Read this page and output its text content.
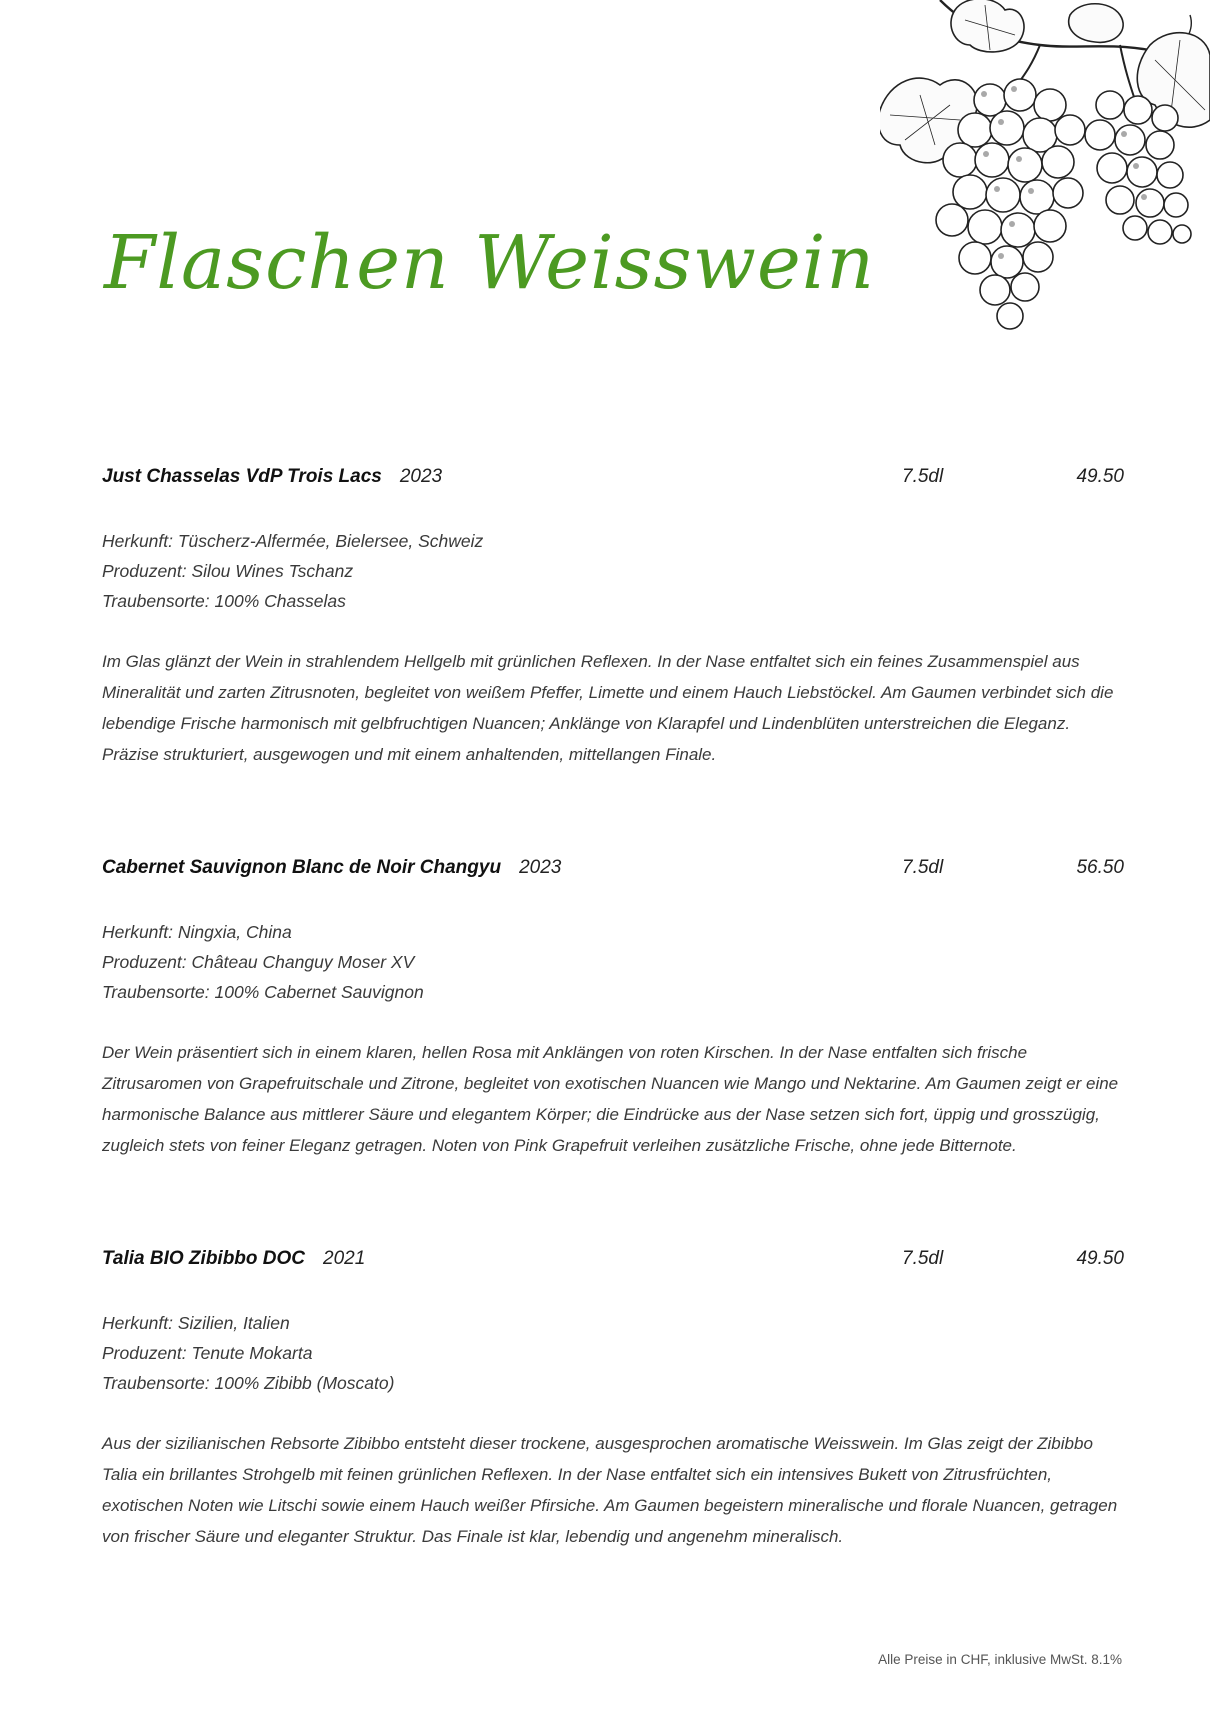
Flaschen Weisswein
Just Chasselas VdP Trois Lacs 2023	7.5dl	49.50
Herkunft: Tüscherz-Alfermée, Bielersee, Schweiz
Produzent: Silou Wines Tschanz
Traubensorte: 100% Chasselas
Im Glas glänzt der Wein in strahlendem Hellgelb mit grünlichen Reflexen. In der Nase entfaltet sich ein feines Zusammenspiel aus Mineralität und zarten Zitrusnoten, begleitet von weißem Pfeffer, Limette und einem Hauch Liebstöckel. Am Gaumen verbindet sich die lebendige Frische harmonisch mit gelbfruchtigen Nuancen; Anklänge von Klarapfel und Lindenblüten unterstreichen die Eleganz. Präzise strukturiert, ausgewogen und mit einem anhaltenden, mittellangen Finale.
Cabernet Sauvignon Blanc de Noir Changyu 2023	7.5dl	56.50
Herkunft: Ningxia, China
Produzent: Château Changuy Moser XV
Traubensorte: 100% Cabernet Sauvignon
Der Wein präsentiert sich in einem klaren, hellen Rosa mit Anklängen von roten Kirschen. In der Nase entfalten sich frische Zitrusaromen von Grapefruitschale und Zitrone, begleitet von exotischen Nuancen wie Mango und Nektarine. Am Gaumen zeigt er eine harmonische Balance aus mittlerer Säure und elegantem Körper; die Eindrücke aus der Nase setzen sich fort, üppig und grosszügig, zugleich stets von feiner Eleganz getragen. Noten von Pink Grapefruit verleihen zusätzliche Frische, ohne jede Bitternote.
Talia BIO Zibibbo DOC 2021	7.5dl	49.50
Herkunft: Sizilien, Italien
Produzent: Tenute Mokarta
Traubensorte: 100% Zibibb (Moscato)
Aus der sizilianischen Rebsorte Zibibbo entsteht dieser trockene, ausgesprochen aromatische Weisswein. Im Glas zeigt der Zibibbo Talia ein brillantes Strohgelb mit feinen grünlichen Reflexen. In der Nase entfaltet sich ein intensives Bukett von Zitrusfrüchten, exotischen Noten wie Litschi sowie einem Hauch weißer Pfirsiche. Am Gaumen begeistern mineralische und florale Nuancen, getragen von frischer Säure und eleganter Struktur. Das Finale ist klar, lebendig und angenehm mineralisch.
Alle Preise in CHF, inklusive MwSt. 8.1%
